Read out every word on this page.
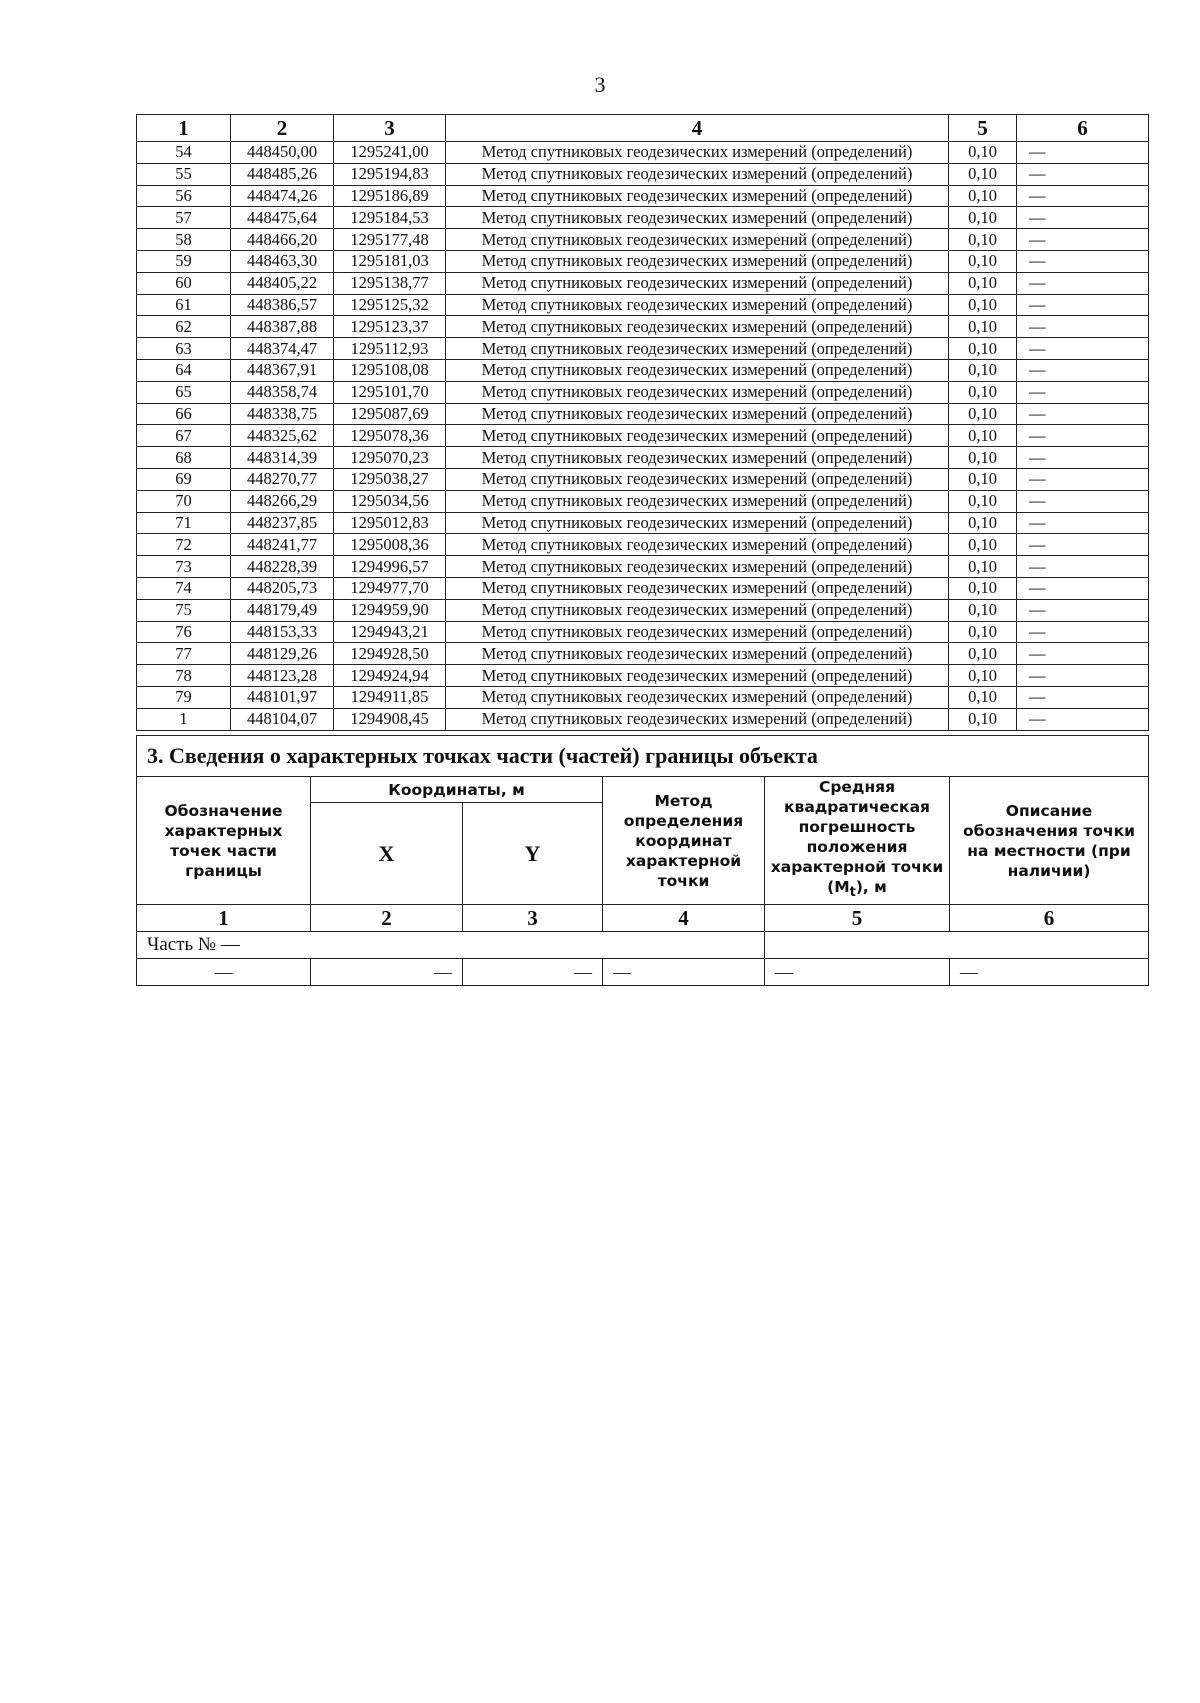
3
1	2	3	4	5	6
54	448450,00	1295241,00	Метод спутниковых геодезических измерений (определений)	0,10	—
55	448485,26	1295194,83	Метод спутниковых геодезических измерений (определений)	0,10	—
56	448474,26	1295186,89	Метод спутниковых геодезических измерений (определений)	0,10	—
57	448475,64	1295184,53	Метод спутниковых геодезических измерений (определений)	0,10	—
58	448466,20	1295177,48	Метод спутниковых геодезических измерений (определений)	0,10	—
59	448463,30	1295181,03	Метод спутниковых геодезических измерений (определений)	0,10	—
60	448405,22	1295138,77	Метод спутниковых геодезических измерений (определений)	0,10	—
61	448386,57	1295125,32	Метод спутниковых геодезических измерений (определений)	0,10	—
62	448387,88	1295123,37	Метод спутниковых геодезических измерений (определений)	0,10	—
63	448374,47	1295112,93	Метод спутниковых геодезических измерений (определений)	0,10	—
64	448367,91	1295108,08	Метод спутниковых геодезических измерений (определений)	0,10	—
65	448358,74	1295101,70	Метод спутниковых геодезических измерений (определений)	0,10	—
66	448338,75	1295087,69	Метод спутниковых геодезических измерений (определений)	0,10	—
67	448325,62	1295078,36	Метод спутниковых геодезических измерений (определений)	0,10	—
68	448314,39	1295070,23	Метод спутниковых геодезических измерений (определений)	0,10	—
69	448270,77	1295038,27	Метод спутниковых геодезических измерений (определений)	0,10	—
70	448266,29	1295034,56	Метод спутниковых геодезических измерений (определений)	0,10	—
71	448237,85	1295012,83	Метод спутниковых геодезических измерений (определений)	0,10	—
72	448241,77	1295008,36	Метод спутниковых геодезических измерений (определений)	0,10	—
73	448228,39	1294996,57	Метод спутниковых геодезических измерений (определений)	0,10	—
74	448205,73	1294977,70	Метод спутниковых геодезических измерений (определений)	0,10	—
75	448179,49	1294959,90	Метод спутниковых геодезических измерений (определений)	0,10	—
76	448153,33	1294943,21	Метод спутниковых геодезических измерений (определений)	0,10	—
77	448129,26	1294928,50	Метод спутниковых геодезических измерений (определений)	0,10	—
78	448123,28	1294924,94	Метод спутниковых геодезических измерений (определений)	0,10	—
79	448101,97	1294911,85	Метод спутниковых геодезических измерений (определений)	0,10	—
1	448104,07	1294908,45	Метод спутниковых геодезических измерений (определений)	0,10	—
3. Сведения о характерных точках части (частей) границы объекта					
Обозначение характерных точек части границы	Координаты, м		Метод определения координат характерной точки	Средняя квадратическая погрешность положения характерной точки $(M_t)$, м	Описание обозначения точки на местности (при наличии)
	X	Y			
1	2	3	4	5	6
Часть № —					
—	—	—	—	—	—
